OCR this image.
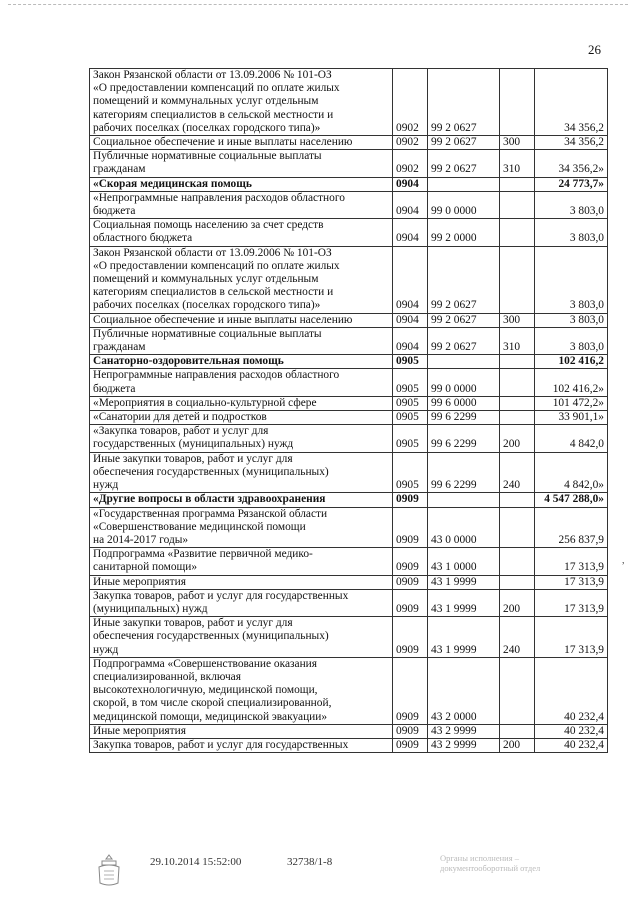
26
Закон Рязанской области от 13.09.2006 № 101-ОЗ
«О предоставлении компенсаций по оплате жилых
помещений и коммунальных услуг отдельным
категориям специалистов в сельской местности и
рабочих поселках (поселках городского типа)»	0902	99 2 0627		34 356,2

Социальное обеспечение и иные выплаты населению	0902	99 2 0627	300	34 356,2

Публичные нормативные социальные выплаты
гражданам	0902	99 2 0627	310	34 356,2»

«Скорая медицинская помощь	0904			24 773,7»

«Непрограммные направления расходов областного
бюджета	0904	99 0 0000		3 803,0

Социальная помощь населению за счет средств
областного бюджета	0904	99 2 0000		3 803,0

Закон Рязанской области от 13.09.2006 № 101-ОЗ
«О предоставлении компенсаций по оплате жилых
помещений и коммунальных услуг отдельным
категориям специалистов в сельской местности и
рабочих поселках (поселках городского типа)»	0904	99 2 0627		3 803,0

Социальное обеспечение и иные выплаты населению	0904	99 2 0627	300	3 803,0

Публичные нормативные социальные выплаты
гражданам	0904	99 2 0627	310	3 803,0

Санаторно-оздоровительная помощь	0905			102 416,2

Непрограммные направления расходов областного
бюджета	0905	99 0 0000		102 416,2»

«Мероприятия в социально-культурной сфере	0905	99 6 0000		101 472,2»

«Санатории для детей и подростков	0905	99 6 2299		33 901,1»

«Закупка товаров, работ и услуг для
государственных (муниципальных) нужд	0905	99 6 2299	200	4 842,0

Иные закупки товаров, работ и услуг для
обеспечения государственных (муниципальных)
нужд	0905	99 6 2299	240	4 842,0»

«Другие вопросы в области здравоохранения	0909			4 547 288,0»

«Государственная программа Рязанской области
«Совершенствование медицинской помощи
на 2014-2017 годы»	0909	43 0 0000		256 837,9

Подпрограмма «Развитие первичной медико-
санитарной помощи»	0909	43 1 0000		17 313,9

Иные мероприятия	0909	43 1 9999		17 313,9

Закупка товаров, работ и услуг для государственных
(муниципальных) нужд	0909	43 1 9999	200	17 313,9

Иные закупки товаров, работ и услуг для
обеспечения государственных (муниципальных)
нужд	0909	43 1 9999	240	17 313,9

Подпрограмма «Совершенствование оказания
специализированной, включая
высокотехнологичную, медицинской помощи,
скорой, в том числе скорой специализированной,
медицинской помощи, медицинской эвакуации»	0909	43 2 0000		40 232,4

Иные мероприятия	0909	43 2 9999		40 232,4

Закупка товаров, работ и услуг для государственных	0909	43 2 9999	200	40 232,4
,
29.10.2014 15:52:00	32738/1-8	Органы исполнения –
документооборотный отдел
